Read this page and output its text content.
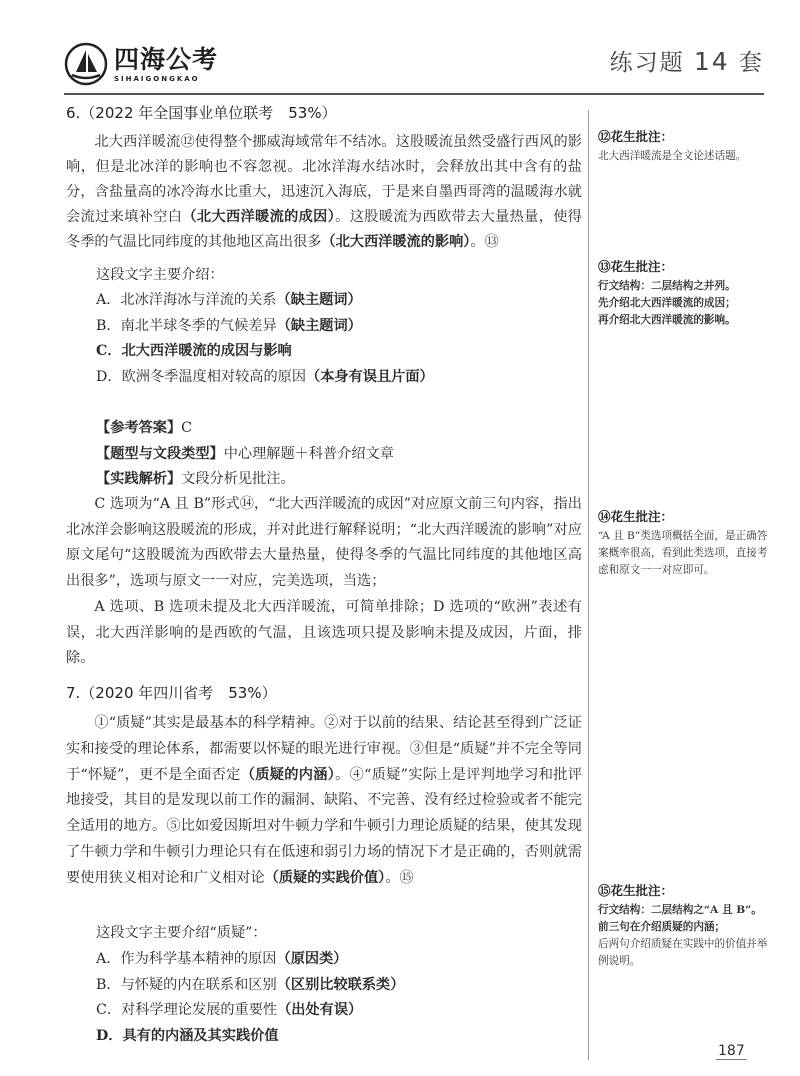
四海公考
SIHAIGONGKAO
练习题 14 套
6.（2022 年全国事业单位联考　53%）

北大西洋暖流⑫使得整个挪威海域常年不结冰。这股暖流虽然受盛行西风的影响，但是北冰洋的影响也不容忽视。北冰洋海水结冰时，会释放出其中含有的盐分，含盐量高的冰冷海水比重大，迅速沉入海底，于是来自墨西哥湾的温暖海水就会流过来填补空白（北大西洋暖流的成因）。这股暖流为西欧带去大量热量，使得冬季的气温比同纬度的其他地区高出很多（北大西洋暖流的影响）。⑬

这段文字主要介绍：
A．北冰洋海冰与洋流的关系（缺主题词）
B．南北半球冬季的气候差异（缺主题词）
C．北大西洋暖流的成因与影响
D．欧洲冬季温度相对较高的原因（本身有误且片面）
【参考答案】C
【题型与文段类型】中心理解题＋科普介绍文章
【实践解析】文段分析见批注。

C 选项为“A 且 B”形式⑭，“北大西洋暖流的成因”对应原文前三句内容，指出北冰洋会影响这股暖流的形成，并对此进行解释说明；“北大西洋暖流的影响”对应原文尾句“这股暖流为西欧带去大量热量，使得冬季的气温比同纬度的其他地区高出很多”，选项与原文一一对应，完美选项，当选；

A 选项、B 选项未提及北大西洋暖流，可简单排除；D 选项的“欧洲”表述有误，北大西洋影响的是西欧的气温，且该选项只提及影响未提及成因，片面，排除。

7.（2020 年四川省考　53%）

①“质疑”其实是最基本的科学精神。②对于以前的结果、结论甚至得到广泛证实和接受的理论体系，都需要以怀疑的眼光进行审视。③但是“质疑”并不完全等同于“怀疑”，更不是全面否定（质疑的内涵）。④“质疑”实际上是评判地学习和批评地接受，其目的是发现以前工作的漏洞、缺陷、不完善、没有经过检验或者不能完全适用的地方。⑤比如爱因斯坦对牛顿力学和牛顿引力理论质疑的结果，使其发现了牛顿力学和牛顿引力理论只有在低速和弱引力场的情况下才是正确的，否则就需要使用狭义相对论和广义相对论（质疑的实践价值）。⑮

这段文字主要介绍“质疑”：
A．作为科学基本精神的原因（原因类）
B．与怀疑的内在联系和区别（区别比较联系类）
C．对科学理论发展的重要性（出处有误）
D．具有的内涵及其实践价值
⑫花生批注：
北大西洋暖流是全文论述话题。
⑬花生批注：
行文结构：二层结构之并列。
先介绍北大西洋暖流的成因；
再介绍北大西洋暖流的影响。
⑭花生批注：
“A 且 B”类选项概括全面，是正确答案概率很高，看到此类选项，直接考虑和原文一一对应即可。
⑮花生批注：
行文结构：二层结构之“A 且 B”。
前三句在介绍质疑的内涵；
后两句介绍质疑在实践中的价值并举例说明。
187
